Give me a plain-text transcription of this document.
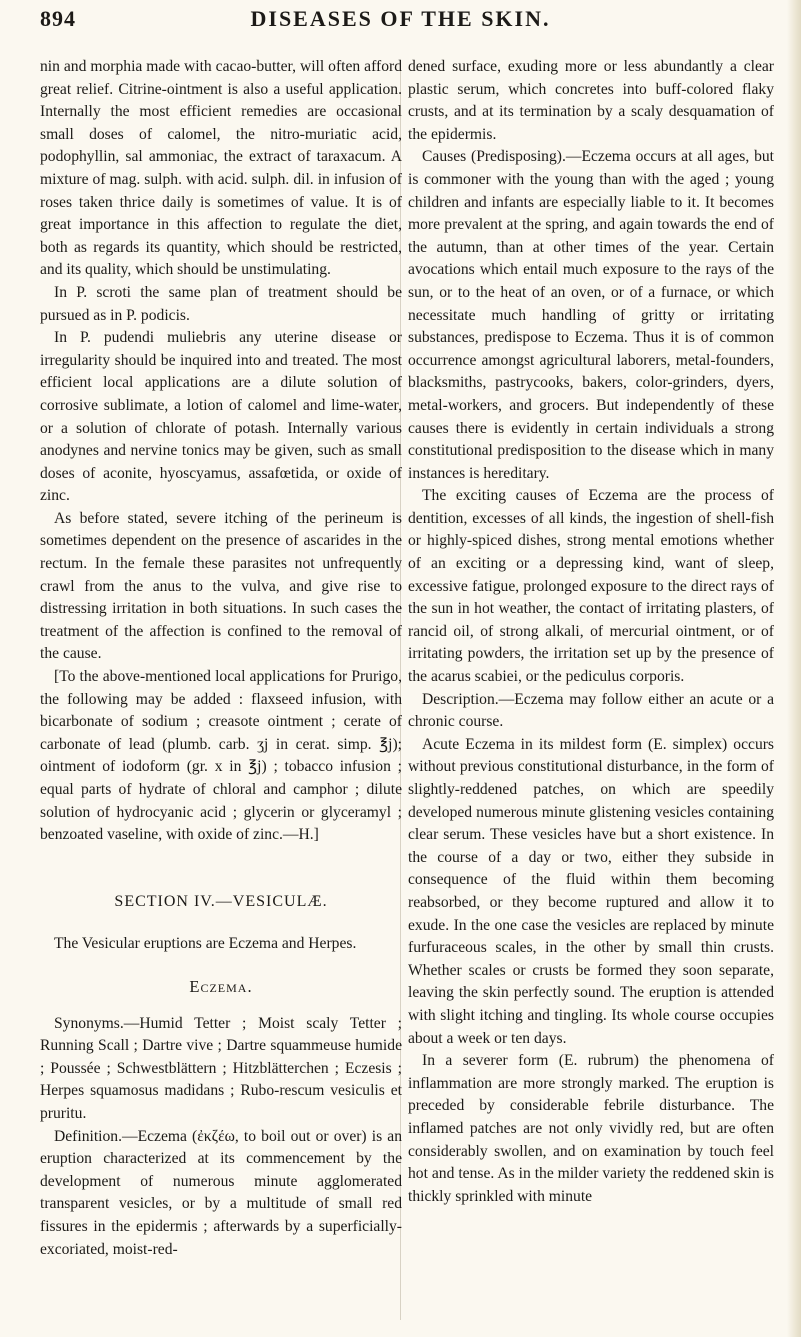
894	DISEASES OF THE SKIN.

nin and morphia made with cacao-butter, will often afford great relief. Citrine-ointment is also a useful application. Internally the most efficient remedies are occasional small doses of calomel, the nitro-muriatic acid, podophyllin, sal ammoniac, the extract of taraxacum. A mixture of mag. sulph. with acid. sulph. dil. in infusion of roses taken thrice daily is sometimes of value. It is of great importance in this affection to regulate the diet, both as regards its quantity, which should be restricted, and its quality, which should be unstimulating.

In P. scroti the same plan of treatment should be pursued as in P. podicis.

In P. pudendi muliebris any uterine disease or irregularity should be inquired into and treated. The most efficient local applications are a dilute solution of corrosive sublimate, a lotion of calomel and lime-water, or a solution of chlorate of potash. Internally various anodynes and nervine tonics may be given, such as small doses of aconite, hyoscyamus, assafœtida, or oxide of zinc.

As before stated, severe itching of the perineum is sometimes dependent on the presence of ascarides in the rectum. In the female these parasites not unfrequently crawl from the anus to the vulva, and give rise to distressing irritation in both situations. In such cases the treatment of the affection is confined to the removal of the cause.

[To the above-mentioned local applications for Prurigo, the following may be added : flaxseed infusion, with bicarbonate of sodium ; creasote ointment ; cerate of carbonate of lead (plumb. carb. ʒj in cerat. simp. ℥j); ointment of iodoform (gr. x in ℥j) ; tobacco infusion ; equal parts of hydrate of chloral and camphor ; dilute solution of hydrocyanic acid ; glycerin or glyceramyl ; benzoated vaseline, with oxide of zinc.—H.]

SECTION IV.—VESICULÆ.

The Vesicular eruptions are Eczema and Herpes.

Eczema.

Synonyms.—Humid Tetter ; Moist scaly Tetter ; Running Scall ; Dartre vive ; Dartre squammeuse humide ; Poussée ; Schwestblättern ; Hitzblätterchen ; Eczesis ; Herpes squamosus madidans ; Rubo-rescum vesiculis et pruritu.

Definition.—Eczema (ἐκζέω, to boil out or over) is an eruption characterized at its commencement by the development of numerous minute agglomerated transparent vesicles, or by a multitude of small red fissures in the epidermis ; afterwards by a superficially-excoriated, moist-red-

dened surface, exuding more or less abundantly a clear plastic serum, which concretes into buff-colored flaky crusts, and at its termination by a scaly desquamation of the epidermis.

Causes (Predisposing).—Eczema occurs at all ages, but is commoner with the young than with the aged ; young children and infants are especially liable to it. It becomes more prevalent at the spring, and again towards the end of the autumn, than at other times of the year. Certain avocations which entail much exposure to the rays of the sun, or to the heat of an oven, or of a furnace, or which necessitate much handling of gritty or irritating substances, predispose to Eczema. Thus it is of common occurrence amongst agricultural laborers, metal-founders, blacksmiths, pastrycooks, bakers, color-grinders, dyers, metal-workers, and grocers. But independently of these causes there is evidently in certain individuals a strong constitutional predisposition to the disease which in many instances is hereditary.

The exciting causes of Eczema are the process of dentition, excesses of all kinds, the ingestion of shell-fish or highly-spiced dishes, strong mental emotions whether of an exciting or a depressing kind, want of sleep, excessive fatigue, prolonged exposure to the direct rays of the sun in hot weather, the contact of irritating plasters, of rancid oil, of strong alkali, of mercurial ointment, or of irritating powders, the irritation set up by the presence of the acarus scabiei, or the pediculus corporis.

Description.—Eczema may follow either an acute or a chronic course.

Acute Eczema in its mildest form (E. simplex) occurs without previous constitutional disturbance, in the form of slightly-reddened patches, on which are speedily developed numerous minute glistening vesicles containing clear serum. These vesicles have but a short existence. In the course of a day or two, either they subside in consequence of the fluid within them becoming reabsorbed, or they become ruptured and allow it to exude. In the one case the vesicles are replaced by minute furfuraceous scales, in the other by small thin crusts. Whether scales or crusts be formed they soon separate, leaving the skin perfectly sound. The eruption is attended with slight itching and tingling. Its whole course occupies about a week or ten days.

In a severer form (E. rubrum) the phenomena of inflammation are more strongly marked. The eruption is preceded by considerable febrile disturbance. The inflamed patches are not only vividly red, but are often considerably swollen, and on examination by touch feel hot and tense. As in the milder variety the reddened skin is thickly sprinkled with minute
